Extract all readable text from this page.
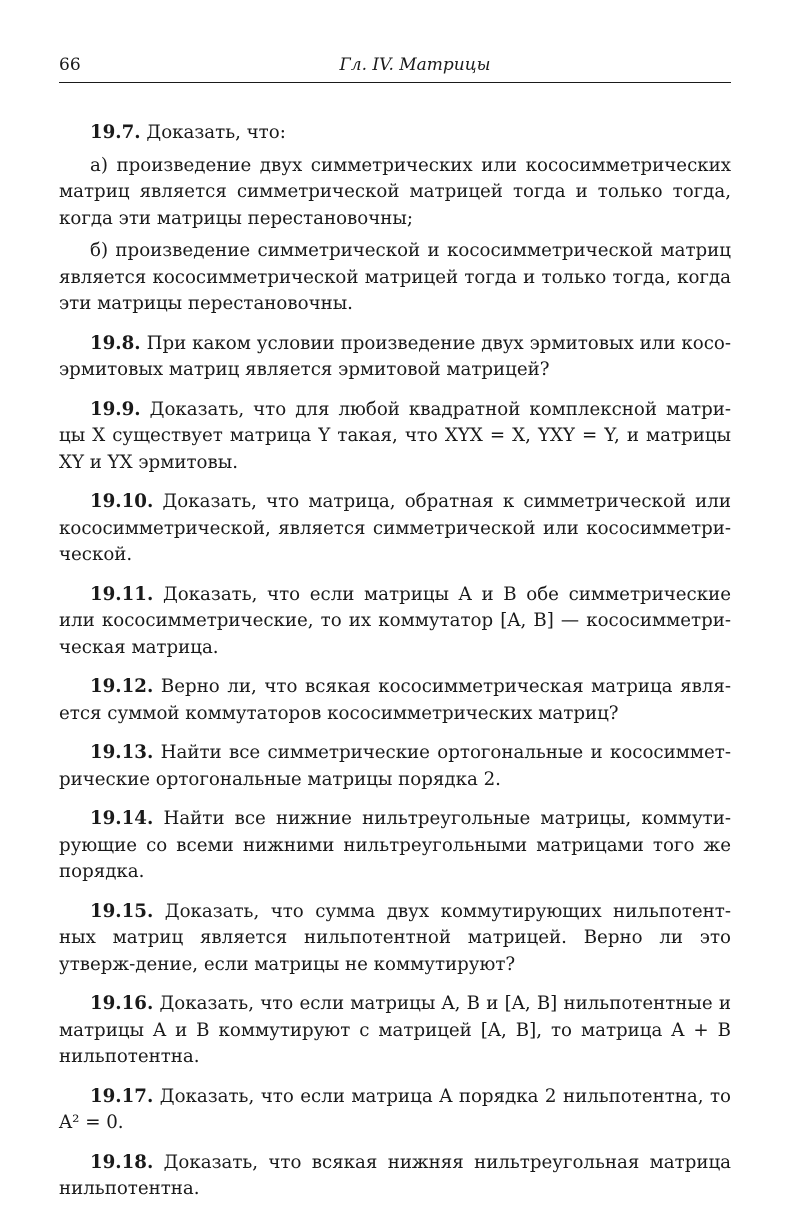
66	Гл. IV. Матрицы

19.7. Доказать, что:

а) произведение двух симметрических или кососимметрических матриц является симметрической матрицей тогда и только тогда, когда эти матрицы перестановочны;

б) произведение симметрической и кососимметрической матриц является кососимметрической матрицей тогда и только тогда, когда эти матрицы перестановочны.

19.8. При каком условии произведение двух эрмитовых или косо-эрмитовых матриц является эрмитовой матрицей?

19.9. Доказать, что для любой квадратной комплексной матри-цы X существует матрица Y такая, что XYX = X, YXY = Y, и матрицы XY и YX эрмитовы.

19.10. Доказать, что матрица, обратная к симметрической или кососимметрической, является симметрической или кососимметри-ческой.

19.11. Доказать, что если матрицы A и B обе симметрические или кососимметрические, то их коммутатор [A, B] — кососимметри-ческая матрица.

19.12. Верно ли, что всякая кососимметрическая матрица явля-ется суммой коммутаторов кососимметрических матриц?

19.13. Найти все симметрические ортогональные и кососиммет-рические ортогональные матрицы порядка 2.

19.14. Найти все нижние нильтреугольные матрицы, коммути-рующие со всеми нижними нильтреугольными матрицами того же порядка.

19.15. Доказать, что сумма двух коммутирующих нильпотент-ных матриц является нильпотентной матрицей. Верно ли это утверж-дение, если матрицы не коммутируют?

19.16. Доказать, что если матрицы A, B и [A, B] нильпотентные и матрицы A и B коммутируют с матрицей [A, B], то матрица A + B нильпотентна.

19.17. Доказать, что если матрица A порядка 2 нильпотентна, то A² = 0.

19.18. Доказать, что всякая нижняя нильтреугольная матрица нильпотентна.
